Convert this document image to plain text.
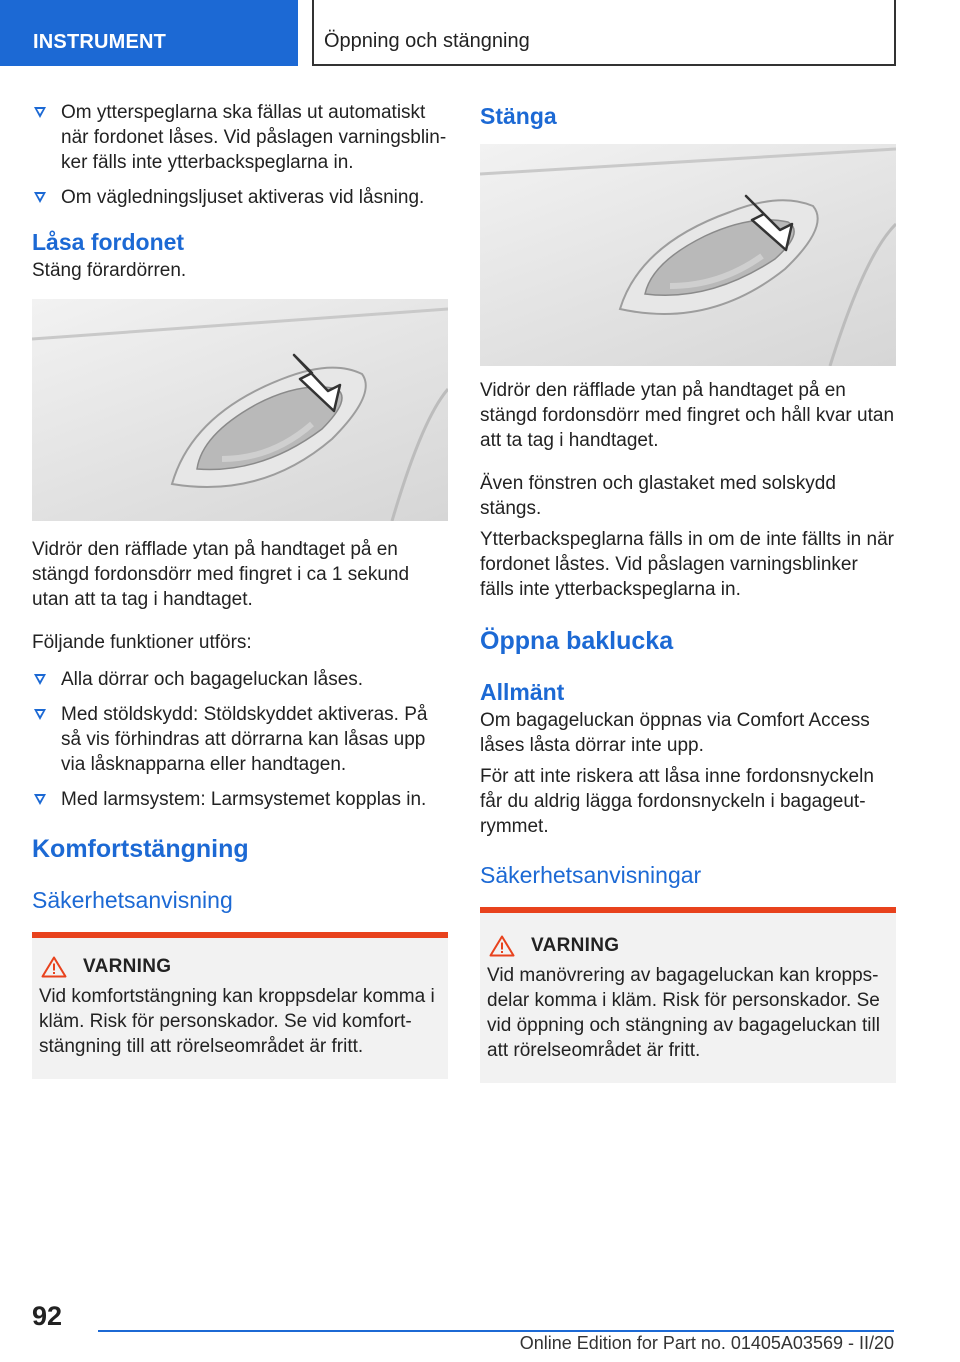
INSTRUMENT	Öppning och stängning
Om ytterspeglarna ska fällas ut automatiskt när fordonet låses. Vid påslagen varningsblin‐ker fälls inte ytterbackspeglarna in.
Om vägledningsljuset aktiveras vid låsning.
Låsa fordonet

Stäng förardörren.

Vidrör den räfflade ytan på handtaget på en stängd fordonsdörr med fingret i ca 1 sekund utan att ta tag i handtaget.

Följande funktioner utförs:

Alla dörrar och bagageluckan låses.
Med stöldskydd: Stöldskyddet aktiveras. På så vis förhindras att dörrarna kan låsas upp via låsknapparna eller handtagen.
Med larmsystem: Larmsystemet kopplas in.
Komfortstängning
Säkerhetsanvisning
VARNING

Vid komfortstängning kan kroppsdelar komma i kläm. Risk för personskador. Se vid komfort‐stängning till att rörelseområdet är fritt.

Stänga

Vidrör den räfflade ytan på handtaget på en stängd fordonsdörr med fingret och håll kvar utan att ta tag i handtaget.

Även fönstren och glastaket med solskydd stängs.

Ytterbackspeglarna fälls in om de inte fällts in när fordonet låstes. Vid påslagen varningsblinker fälls inte ytterbackspeglarna in.

Öppna baklucka
Allmänt

Om bagageluckan öppnas via Comfort Access låses låsta dörrar inte upp.

För att inte riskera att låsa inne fordonsnyckeln får du aldrig lägga fordonsnyckeln i bagageut‐rymmet.

Säkerhetsanvisningar
VARNING

Vid manövrering av bagageluckan kan kropps‐delar komma i kläm. Risk för personskador. Se vid öppning och stängning av bagageluckan till att rörelseområdet är fritt.

92
Online Edition for Part no. 01405A03569 - II/20
